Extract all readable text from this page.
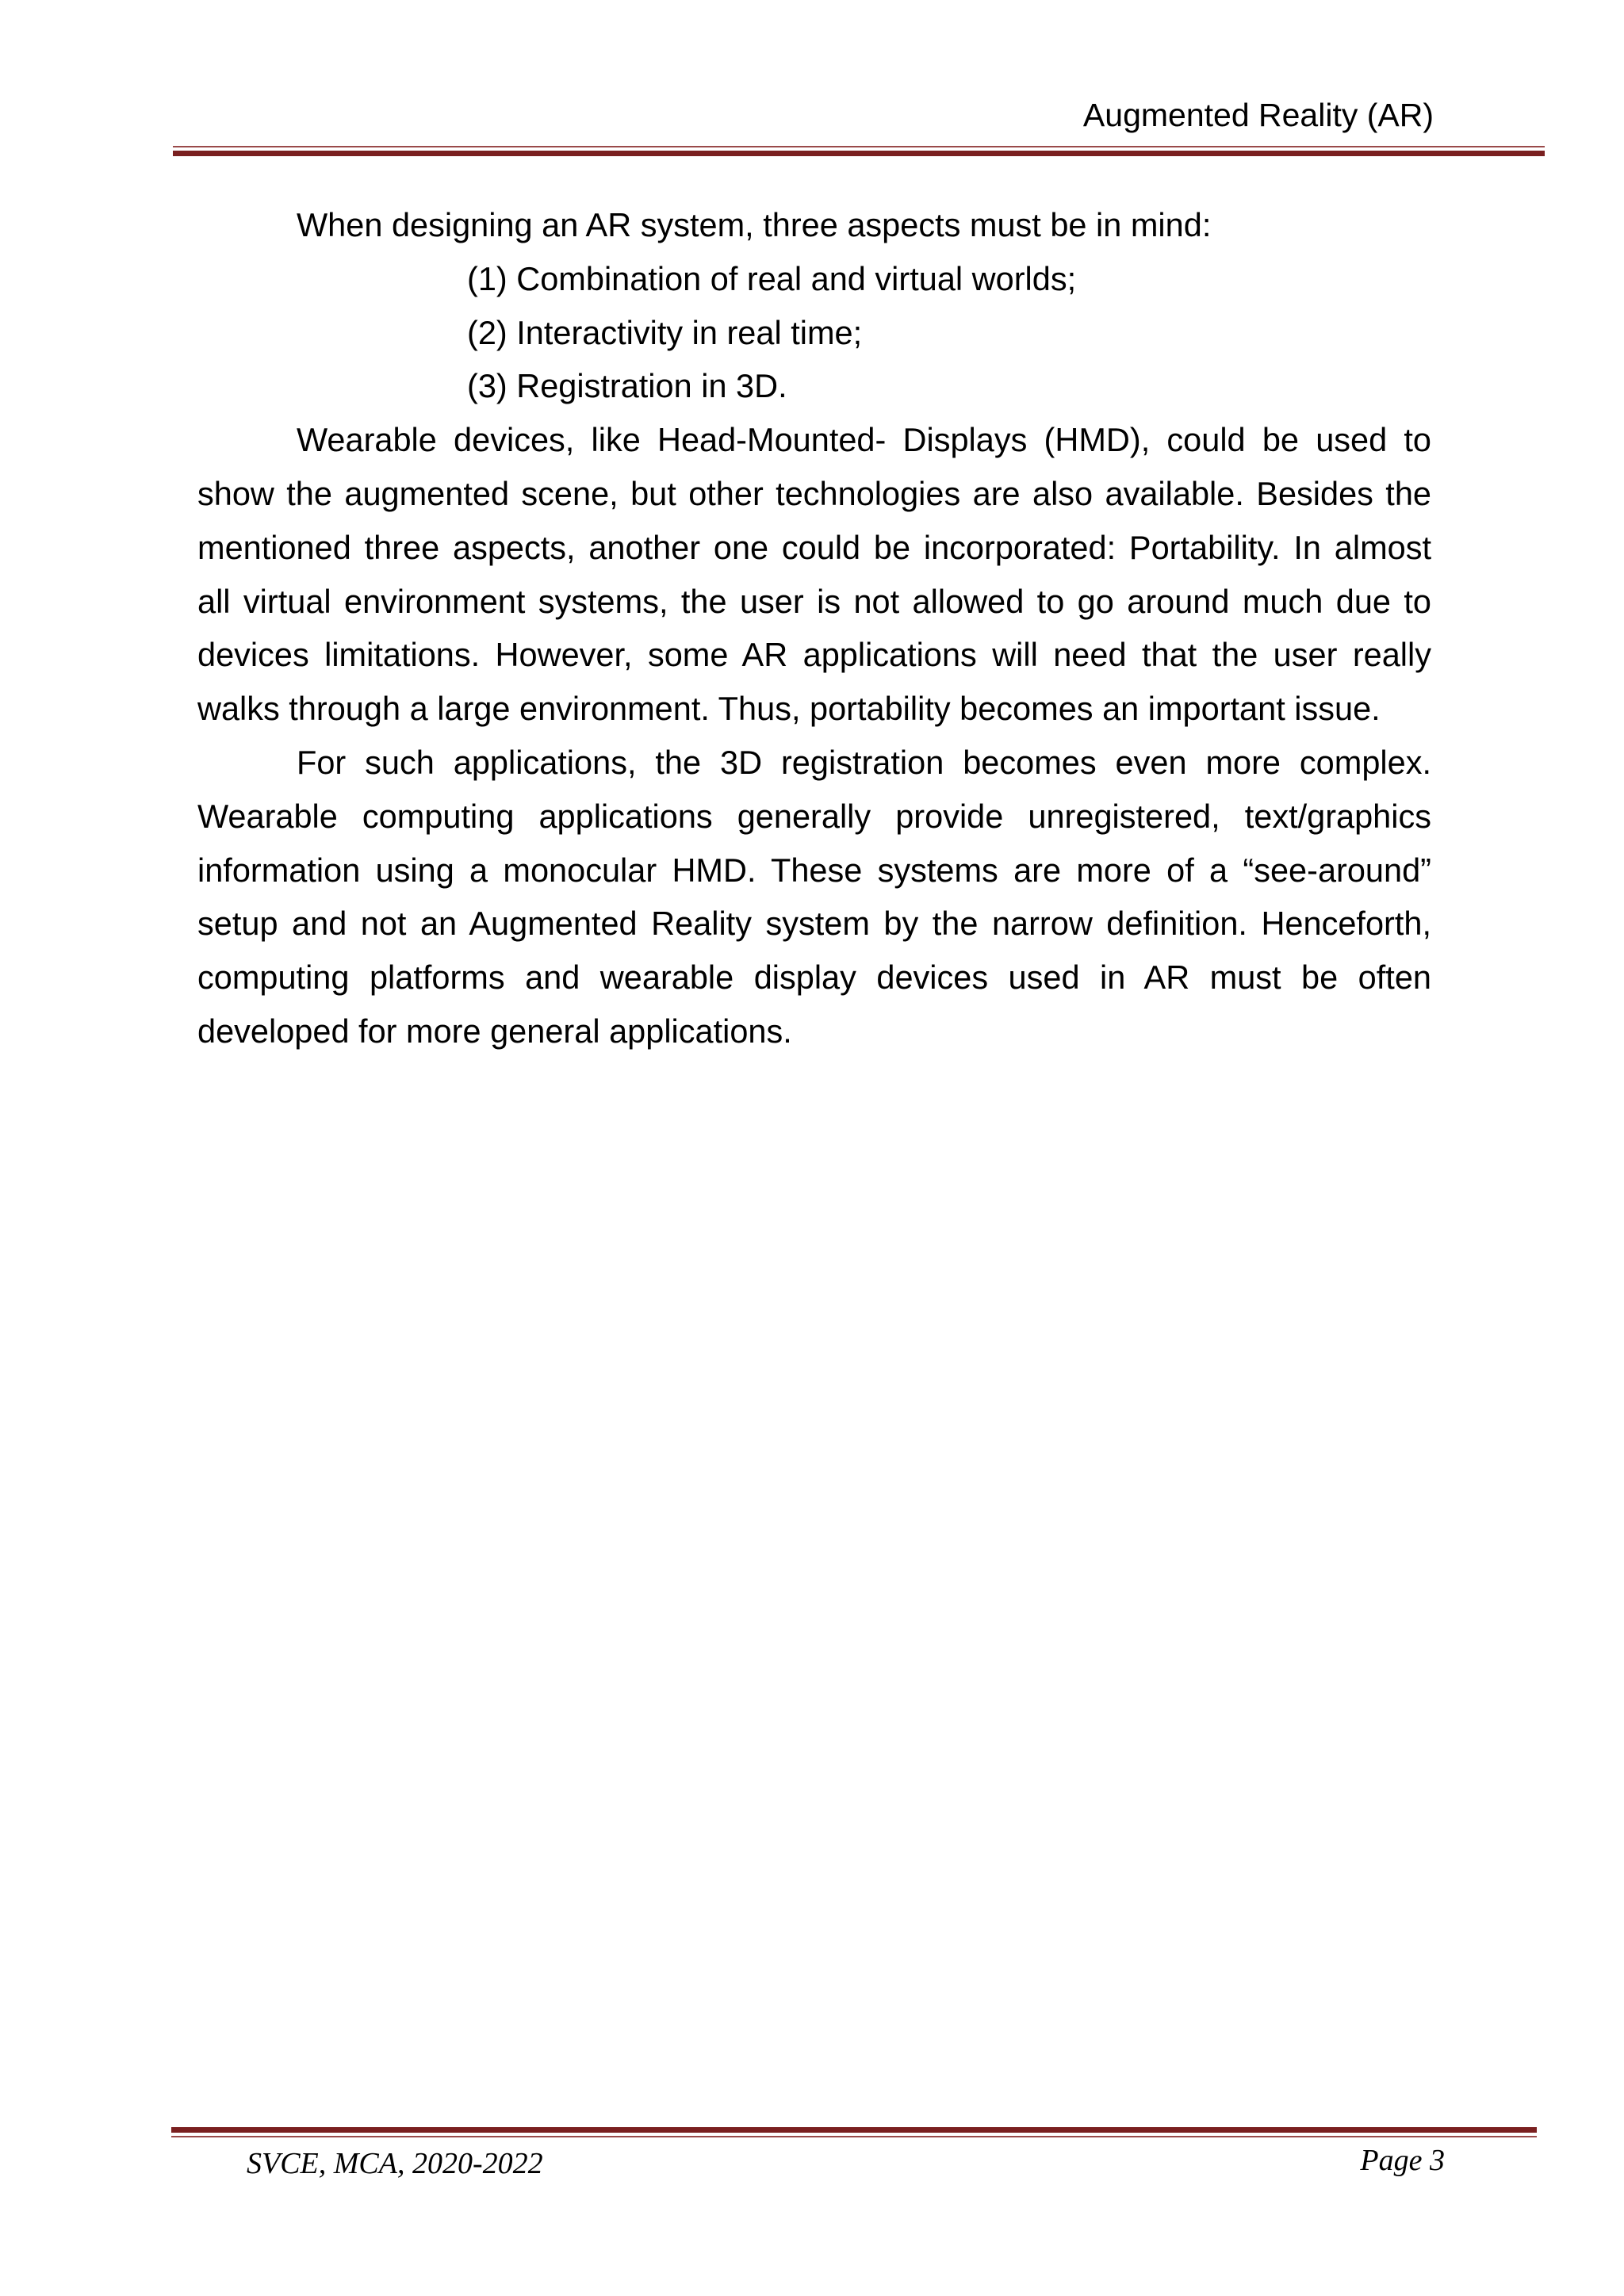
Augmented Reality (AR)

When designing an AR system, three aspects must be in mind:

(1) Combination of real and virtual worlds;

(2) Interactivity in real time;

(3) Registration in 3D.

Wearable devices, like Head-Mounted- Displays (HMD), could be used to show the augmented scene, but other technologies are also available. Besides the mentioned three aspects, another one could be incorporated: Portability. In almost all virtual environment systems, the user is not allowed to go around much due to devices limitations. However, some AR applications will need that the user really walks through a large environment. Thus, portability becomes an important issue.

For such applications, the 3D registration becomes even more complex. Wearable computing applications generally provide unregistered, text/graphics information using a monocular HMD. These systems are more of a “see-around” setup and not an Augmented Reality system by the narrow definition. Henceforth, computing platforms and wearable display devices used in AR must be often developed for more general applications.

SVCE, MCA, 2020-2022	Page 3
